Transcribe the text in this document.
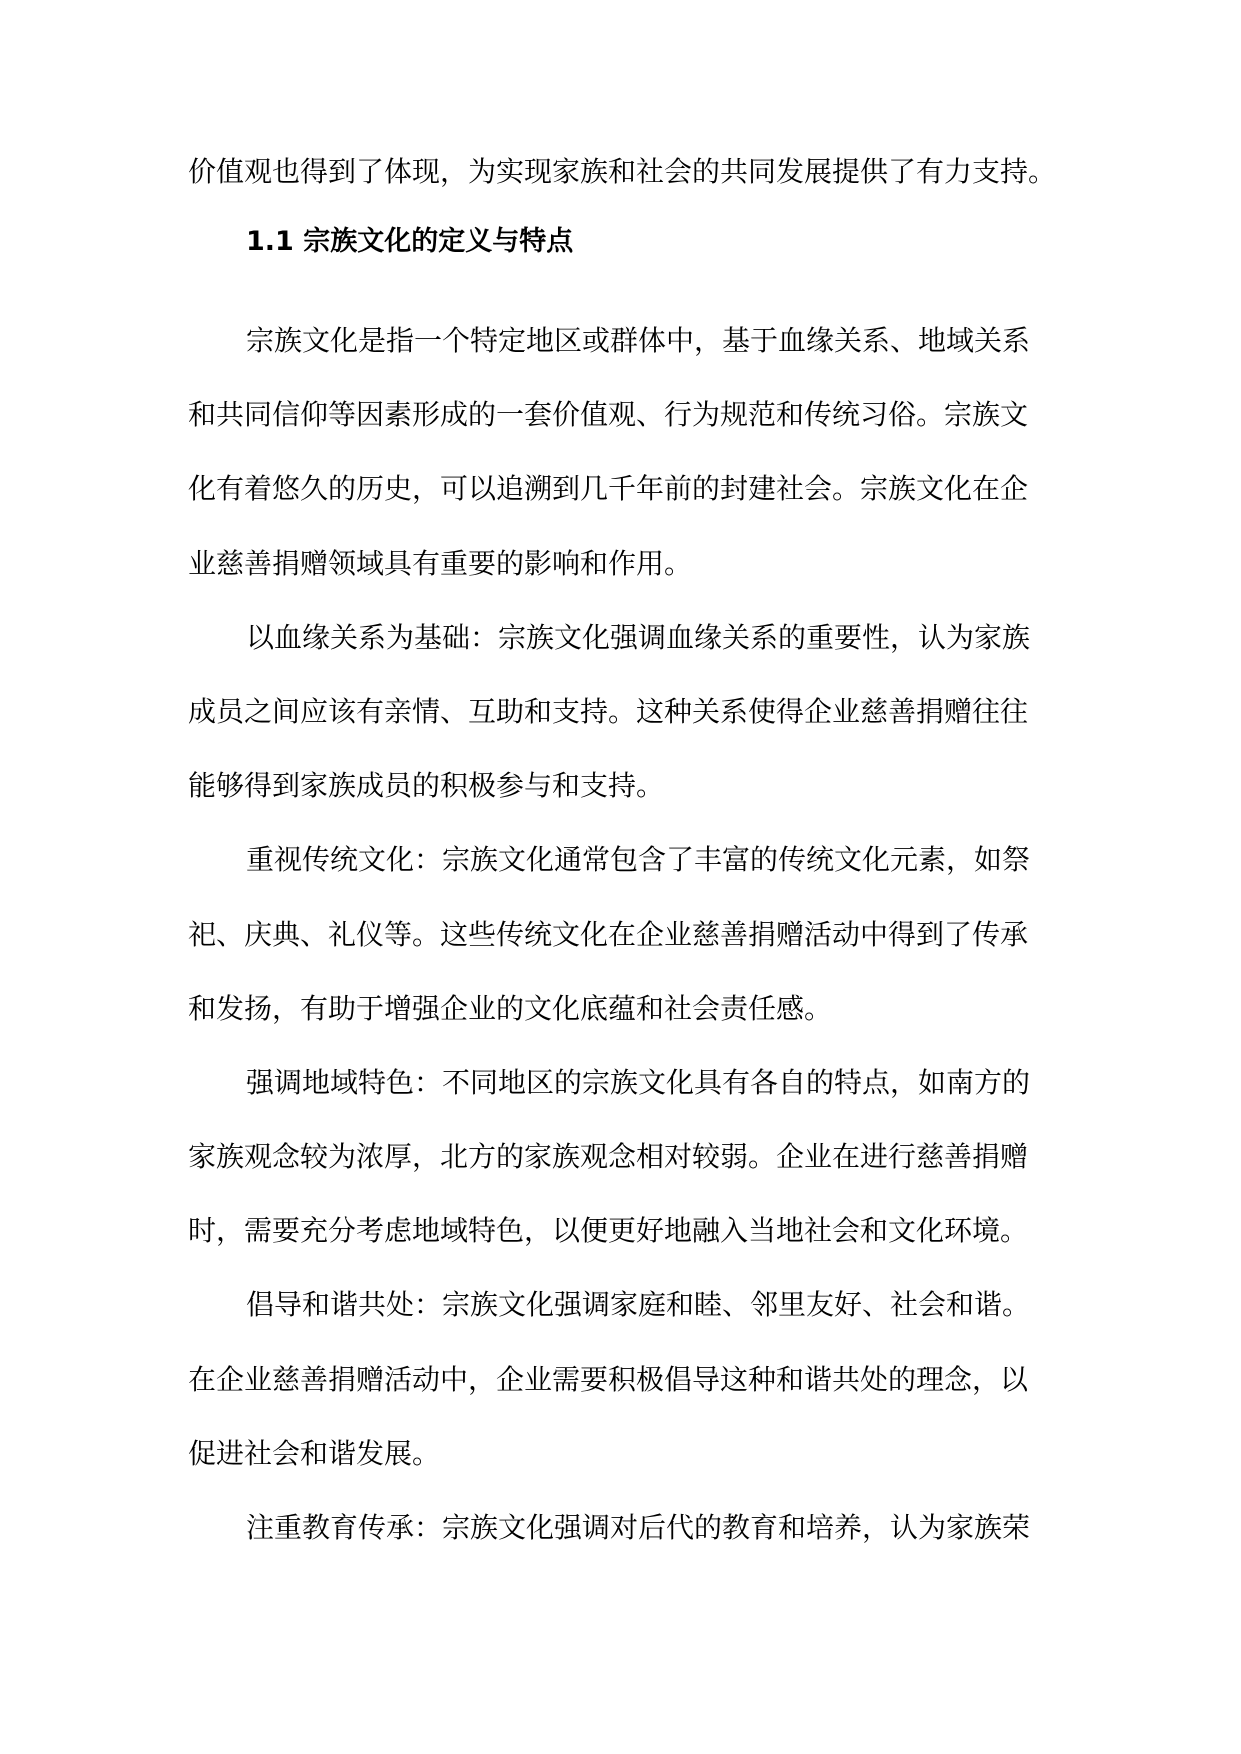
价值观也得到了体现，为实现家族和社会的共同发展提供了有力支持。
1.1 宗族文化的定义与特点
宗族文化是指一个特定地区或群体中，基于血缘关系、地域关系
和共同信仰等因素形成的一套价值观、行为规范和传统习俗。宗族文
化有着悠久的历史，可以追溯到几千年前的封建社会。宗族文化在企
业慈善捐赠领域具有重要的影响和作用。
以血缘关系为基础：宗族文化强调血缘关系的重要性，认为家族
成员之间应该有亲情、互助和支持。这种关系使得企业慈善捐赠往往
能够得到家族成员的积极参与和支持。
重视传统文化：宗族文化通常包含了丰富的传统文化元素，如祭
祀、庆典、礼仪等。这些传统文化在企业慈善捐赠活动中得到了传承
和发扬，有助于增强企业的文化底蕴和社会责任感。
强调地域特色：不同地区的宗族文化具有各自的特点，如南方的
家族观念较为浓厚，北方的家族观念相对较弱。企业在进行慈善捐赠
时，需要充分考虑地域特色，以便更好地融入当地社会和文化环境。
倡导和谐共处：宗族文化强调家庭和睦、邻里友好、社会和谐。
在企业慈善捐赠活动中，企业需要积极倡导这种和谐共处的理念，以
促进社会和谐发展。
注重教育传承：宗族文化强调对后代的教育和培养，认为家族荣
